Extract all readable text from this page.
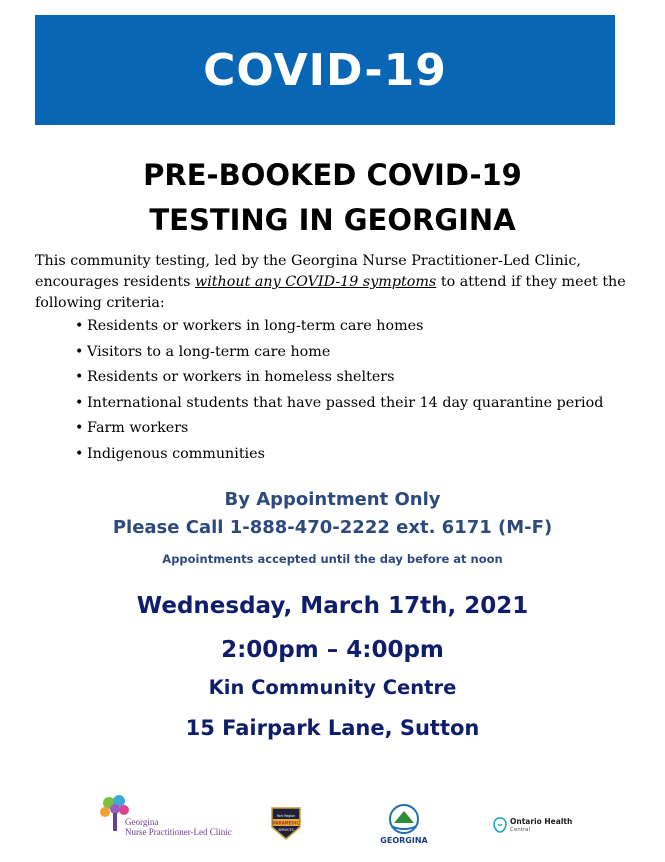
COVID-19
PRE-BOOKED COVID-19
TESTING IN GEORGINA

This community testing, led by the Georgina Nurse Practitioner-Led Clinic, encourages residents without any COVID-19 symptoms to attend if they meet the following criteria:

• Residents or workers in long-term care homes
• Visitors to a long-term care home
• Residents or workers in homeless shelters
• International students that have passed their 14 day quarantine period
• Farm workers
• Indigenous communities
By Appointment Only
Please Call 1-888-470-2222 ext. 6171 (M-F)
Appointments accepted until the day before at noon
Wednesday, March 17th, 2021
2:00pm – 4:00pm
Kin Community Centre
15 Fairpark Lane, Sutton
Georgina
Nurse Practitioner-Led Clinic
York Region
PARAMEDIC
SERVICES
GEORGINA
Ontario Health
Central
